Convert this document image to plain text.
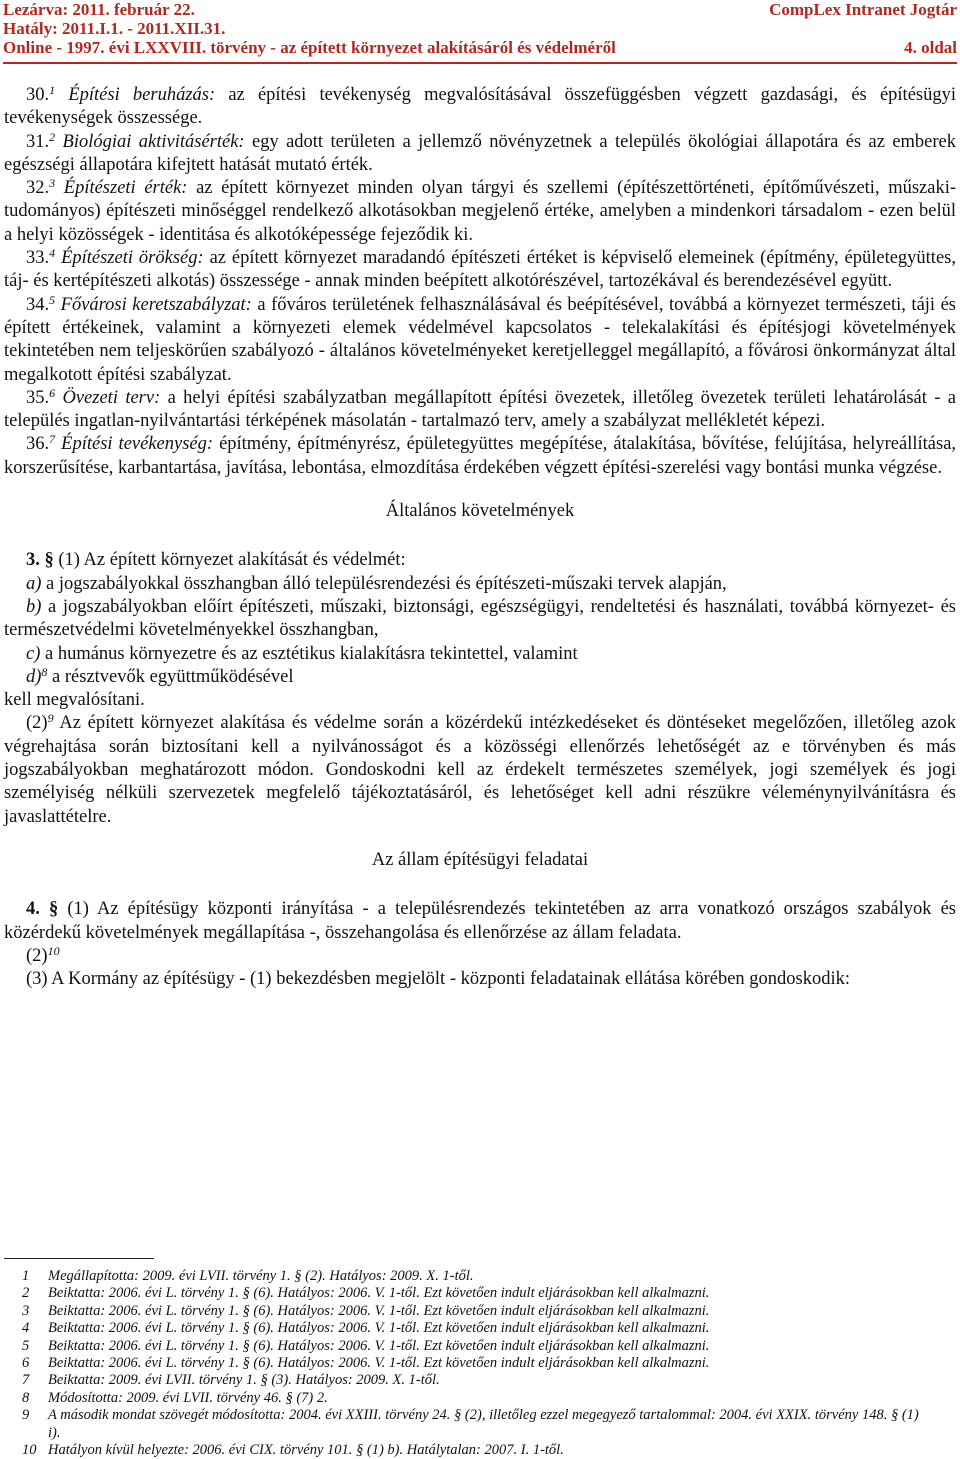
Lezárva: 2011. február 22.	CompLex Intranet Jogtár
Hatály: 2011.I.1. - 2011.XII.31.
Online - 1997. évi LXXVIII. törvény - az épített környezet alakításáról és védelméről	4. oldal

30.$^1$ Építési beruházás: az építési tevékenység megvalósításával összefüggésben végzett gazdasági, és építésügyi tevékenységek összessége.

31.$^2$ Biológiai aktivitásérték: egy adott területen a jellemző növényzetnek a település ökológiai állapotára és az emberek egészségi állapotára kifejtett hatását mutató érték.

32.$^3$ Építészeti érték: az épített környezet minden olyan tárgyi és szellemi (építészettörténeti, építőművészeti, műszaki-tudományos) építészeti minőséggel rendelkező alkotásokban megjelenő értéke, amelyben a mindenkori társadalom - ezen belül a helyi közösségek - identitása és alkotóképessége fejeződik ki.

33.$^4$ Építészeti örökség: az épített környezet maradandó építészeti értéket is képviselő elemeinek (építmény, épületegyüttes, táj- és kertépítészeti alkotás) összessége - annak minden beépített alkotórészével, tartozékával és berendezésével együtt.

34.$^5$ Fővárosi keretszabályzat: a főváros területének felhasználásával és beépítésével, továbbá a környezet természeti, táji és épített értékeinek, valamint a környezeti elemek védelmével kapcsolatos - telekalakítási és építésjogi követelmények tekintetében nem teljeskörűen szabályozó - általános követelményeket keretjelleggel megállapító, a fővárosi önkormányzat által megalkotott építési szabályzat.

35.$^6$ Övezeti terv: a helyi építési szabályzatban megállapított építési övezetek, illetőleg övezetek területi lehatárolását - a település ingatlan-nyilvántartási térképének másolatán - tartalmazó terv, amely a szabályzat mellékletét képezi.

36.$^7$ Építési tevékenység: építmény, építményrész, épületegyüttes megépítése, átalakítása, bővítése, felújítása, helyreállítása, korszerűsítése, karbantartása, javítása, lebontása, elmozdítása érdekében végzett építési-szerelési vagy bontási munka végzése.

Általános követelmények

3. § (1) Az épített környezet alakítását és védelmét:

a) a jogszabályokkal összhangban álló településrendezési és építészeti-műszaki tervek alapján,

b) a jogszabályokban előírt építészeti, műszaki, biztonsági, egészségügyi, rendeltetési és használati, továbbá környezet- és természetvédelmi követelményekkel összhangban,

c) a humánus környezetre és az esztétikus kialakításra tekintettel, valamint

d)$^8$ a résztvevők együttműködésével

kell megvalósítani.

$(2)^9$ Az épített környezet alakítása és védelme során a közérdekű intézkedéseket és döntéseket megelőzően, illetőleg azok végrehajtása során biztosítani kell a nyilvánosságot és a közösségi ellenőrzés lehetőségét az e törvényben és más jogszabályokban meghatározott módon. Gondoskodni kell az érdekelt természetes személyek, jogi személyek és jogi személyiség nélküli szervezetek megfelelő tájékoztatásáról, és lehetőséget kell adni részükre véleménynyilvánításra és javaslattételre.

Az állam építésügyi feladatai

4. § (1) Az építésügy központi irányítása - a településrendezés tekintetében az arra vonatkozó országos szabályok és közérdekű követelmények megállapítása -, összehangolása és ellenőrzése az állam feladata.

$(2)^{10}$

(3) A Kormány az építésügy - (1) bekezdésben megjelölt - központi feladatainak ellátása körében gondoskodik:

1	Megállapította: 2009. évi LVII. törvény 1. § (2). Hatályos: 2009. X. 1-től.
2	Beiktatta: 2006. évi L. törvény 1. § (6). Hatályos: 2006. V. 1-től. Ezt követően indult eljárásokban kell alkalmazni.
3	Beiktatta: 2006. évi L. törvény 1. § (6). Hatályos: 2006. V. 1-től. Ezt követően indult eljárásokban kell alkalmazni.
4	Beiktatta: 2006. évi L. törvény 1. § (6). Hatályos: 2006. V. 1-től. Ezt követően indult eljárásokban kell alkalmazni.
5	Beiktatta: 2006. évi L. törvény 1. § (6). Hatályos: 2006. V. 1-től. Ezt követően indult eljárásokban kell alkalmazni.
6	Beiktatta: 2006. évi L. törvény 1. § (6). Hatályos: 2006. V. 1-től. Ezt követően indult eljárásokban kell alkalmazni.
7	Beiktatta: 2009. évi LVII. törvény 1. § (3). Hatályos: 2009. X. 1-től.
8	Módosította: 2009. évi LVII. törvény 46. § (7) 2.
9	A második mondat szövegét módosította: 2004. évi XXIII. törvény 24. § (2), illetőleg ezzel megegyező tartalommal: 2004. évi XXIX. törvény 148. § (1) i).
10 Hatályon kívül helyezte: 2006. évi CIX. törvény 101. § (1) b). Hatálytalan: 2007. I. 1-től.
